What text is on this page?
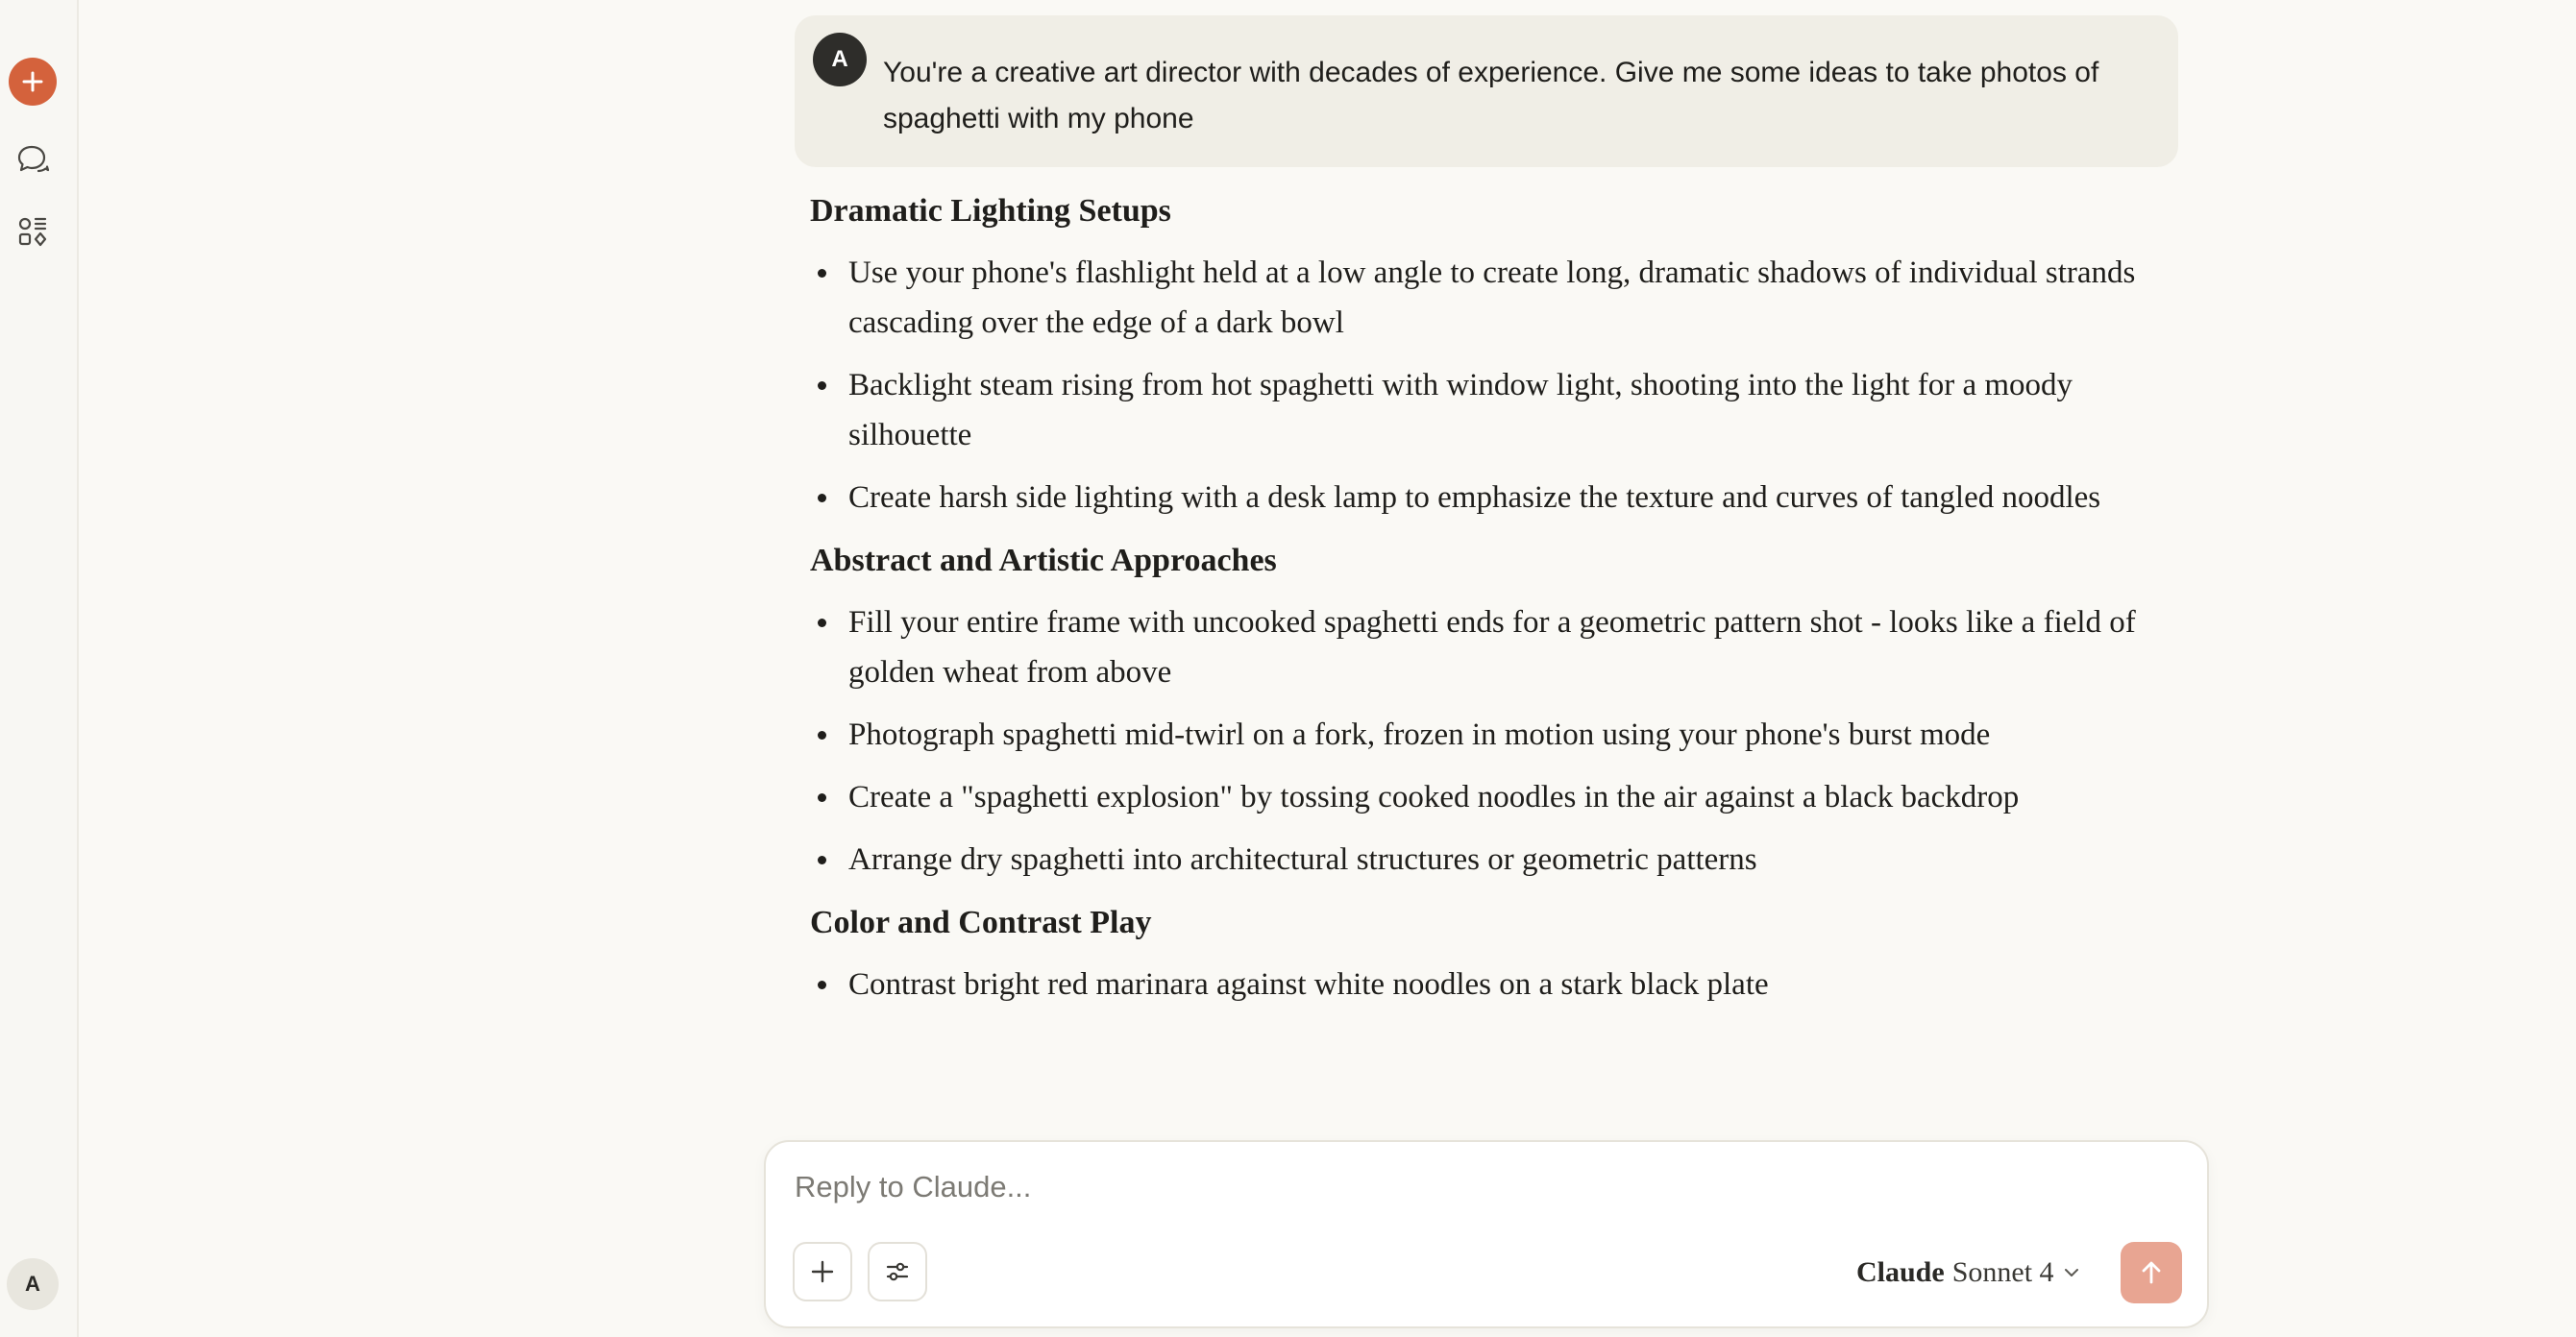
A
A You're a creative art director with decades of experience. Give me some ideas to take photos of spaghetti with my phone
Dramatic Lighting Setups
Use your phone's flashlight held at a low angle to create long, dramatic shadows of individual strands cascading over the edge of a dark bowl
Backlight steam rising from hot spaghetti with window light, shooting into the light for a moody silhouette
Create harsh side lighting with a desk lamp to emphasize the texture and curves of tangled noodles
Abstract and Artistic Approaches
Fill your entire frame with uncooked spaghetti ends for a geometric pattern shot - looks like a field of golden wheat from above
Photograph spaghetti mid-twirl on a fork, frozen in motion using your phone's burst mode
Create a "spaghetti explosion" by tossing cooked noodles in the air against a black backdrop
Arrange dry spaghetti into architectural structures or geometric patterns
Color and Contrast Play
Contrast bright red marinara against white noodles on a stark black plate
Reply to Claude...
Claude Sonnet 4
